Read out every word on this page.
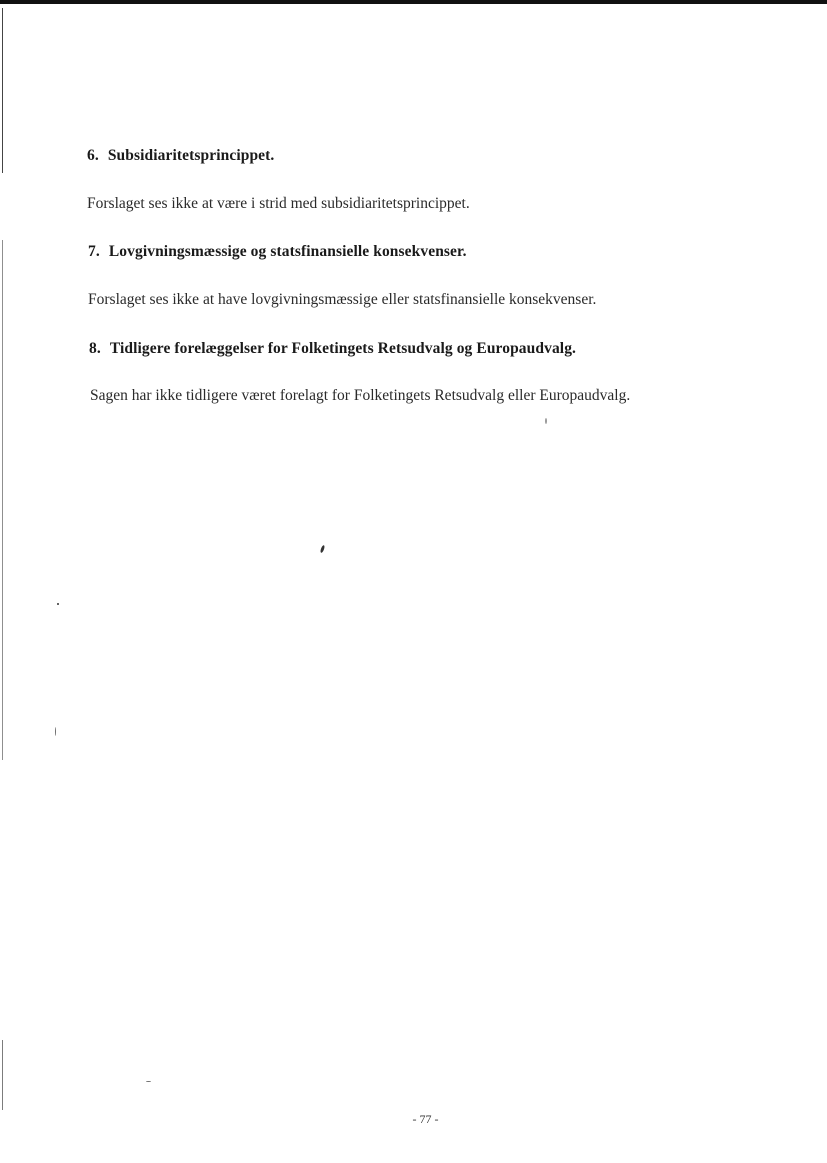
6. Subsidiaritetsprincippet.

Forslaget ses ikke at være i strid med subsidiaritetsprincippet.

7. Lovgivningsmæssige og statsfinansielle konsekvenser.

Forslaget ses ikke at have lovgivningsmæssige eller statsfinansielle konsekvenser.

8. Tidligere forelæggelser for Folketingets Retsudvalg og Europaudvalg.

Sagen har ikke tidligere været forelagt for Folketingets Retsudvalg eller Europaudvalg.

- 77 -
